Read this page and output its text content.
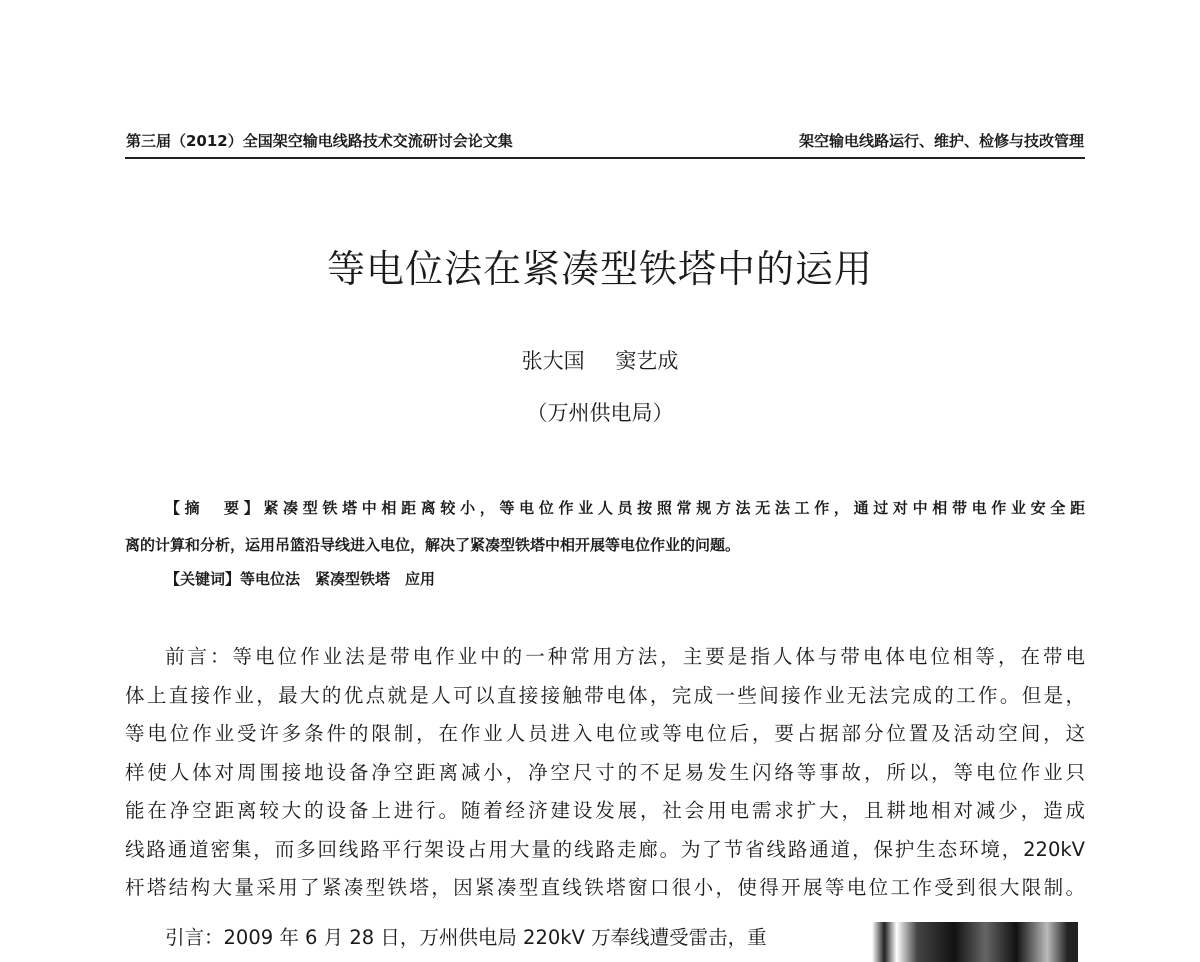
第三届（2012）全国架空输电线路技术交流研讨会论文集	架空输电线路运行、维护、检修与技改管理
等电位法在紧凑型铁塔中的运用
张大国 窦艺成
（万州供电局）
【摘　要】紧凑型铁塔中相距离较小，等电位作业人员按照常规方法无法工作，通过对中相带电作业安全距
离的计算和分析，运用吊篮沿导线进入电位，解决了紧凑型铁塔中相开展等电位作业的问题。
【关键词】等电位法　紧凑型铁塔　应用
前言：等电位作业法是带电作业中的一种常用方法，主要是指人体与带电体电位相等，在带电
体上直接作业，最大的优点就是人可以直接接触带电体，完成一些间接作业无法完成的工作。但是，
等电位作业受许多条件的限制，在作业人员进入电位或等电位后，要占据部分位置及活动空间，这
样使人体对周围接地设备净空距离减小，净空尺寸的不足易发生闪络等事故，所以，等电位作业只
能在净空距离较大的设备上进行。随着经济建设发展，社会用电需求扩大，且耕地相对减少，造成
线路通道密集，而多回线路平行架设占用大量的线路走廊。为了节省线路通道，保护生态环境，220kV
杆塔结构大量采用了紧凑型铁塔，因紧凑型直线铁塔窗口很小，使得开展等电位工作受到很大限制。
引言：2009 年 6 月 28 日，万州供电局 220kV 万奉线遭受雷击，重
